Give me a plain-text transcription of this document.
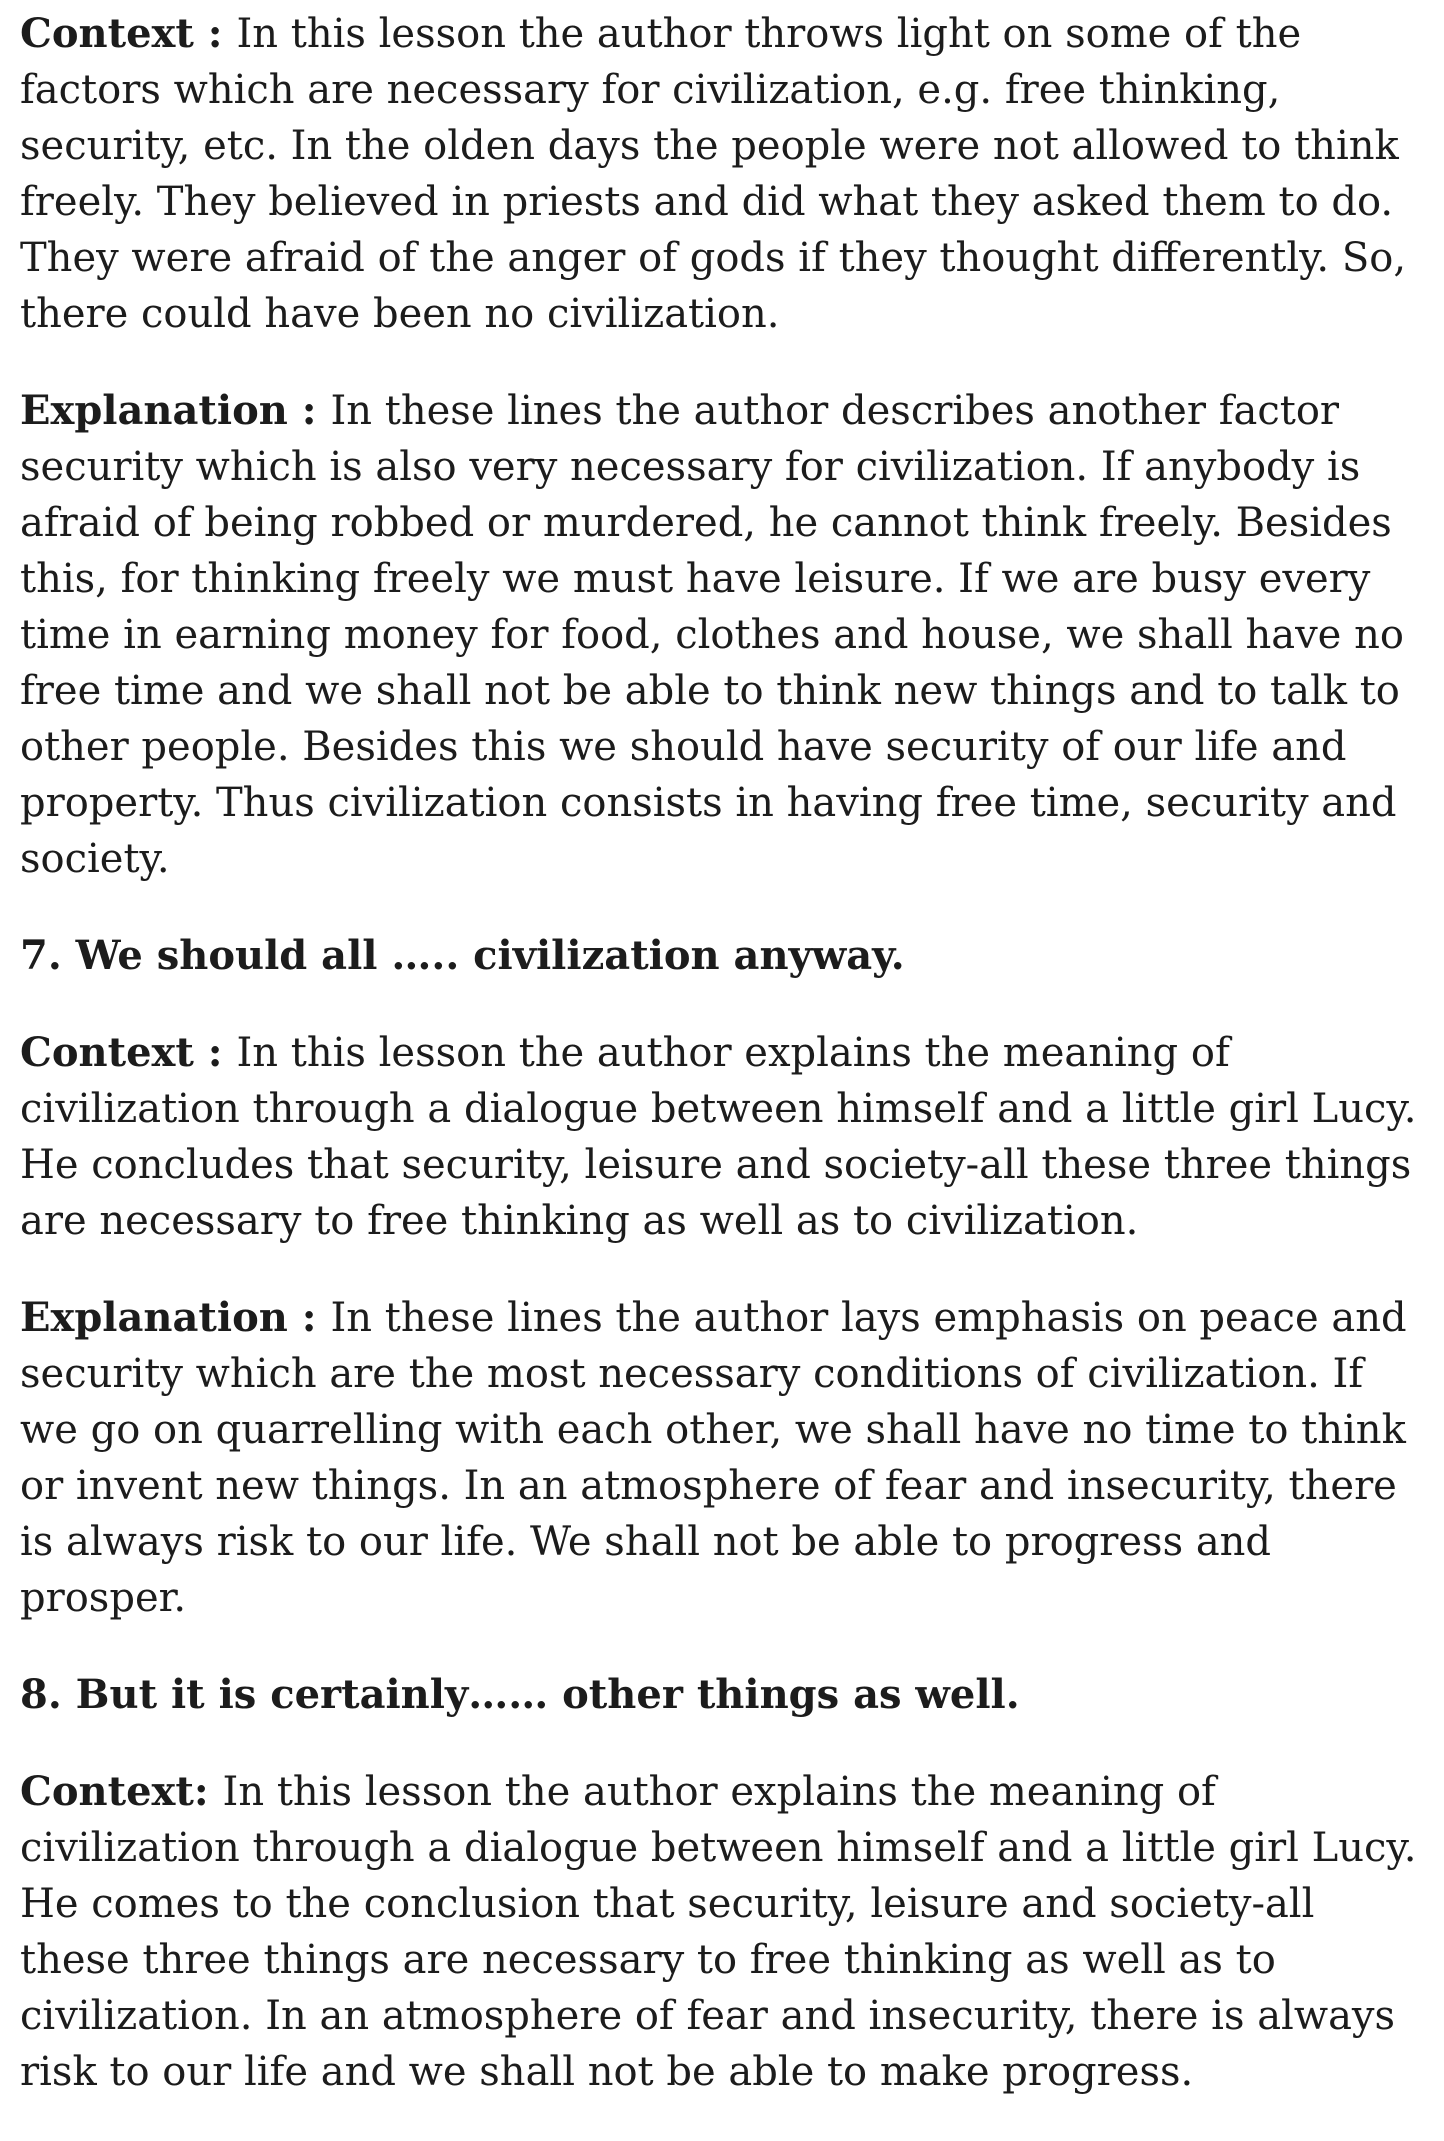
Context : In this lesson the author throws light on some of the factors which are necessary for civilization, e.g. free thinking, security, etc. In the olden days the people were not allowed to think freely. They believed in priests and did what they asked them to do. They were afraid of the anger of gods if they thought differently. So, there could have been no civilization.

Explanation : In these lines the author describes another factor security which is also very necessary for civilization. If anybody is afraid of being robbed or murdered, he cannot think freely. Besides this, for thinking freely we must have leisure. If we are busy every time in earning money for food, clothes and house, we shall have no free time and we shall not be able to think new things and to talk to other people. Besides this we should have security of our life and property. Thus civilization consists in having free time, security and society.

7. We should all ….. civilization anyway.

Context : In this lesson the author explains the meaning of civilization through a dialogue between himself and a little girl Lucy. He concludes that security, leisure and society-all these three things are necessary to free thinking as well as to civilization.

Explanation : In these lines the author lays emphasis on peace and security which are the most necessary conditions of civilization. If we go on quarrelling with each other, we shall have no time to think or invent new things. In an atmosphere of fear and insecurity, there is always risk to our life. We shall not be able to progress and prosper.

8. But it is certainly…… other things as well.

Context: In this lesson the author explains the meaning of civilization through a dialogue between himself and a little girl Lucy. He comes to the conclusion that security, leisure and society-all these three things are necessary to free thinking as well as to civilization. In an atmosphere of fear and insecurity, there is always risk to our life and we shall not be able to make progress.
